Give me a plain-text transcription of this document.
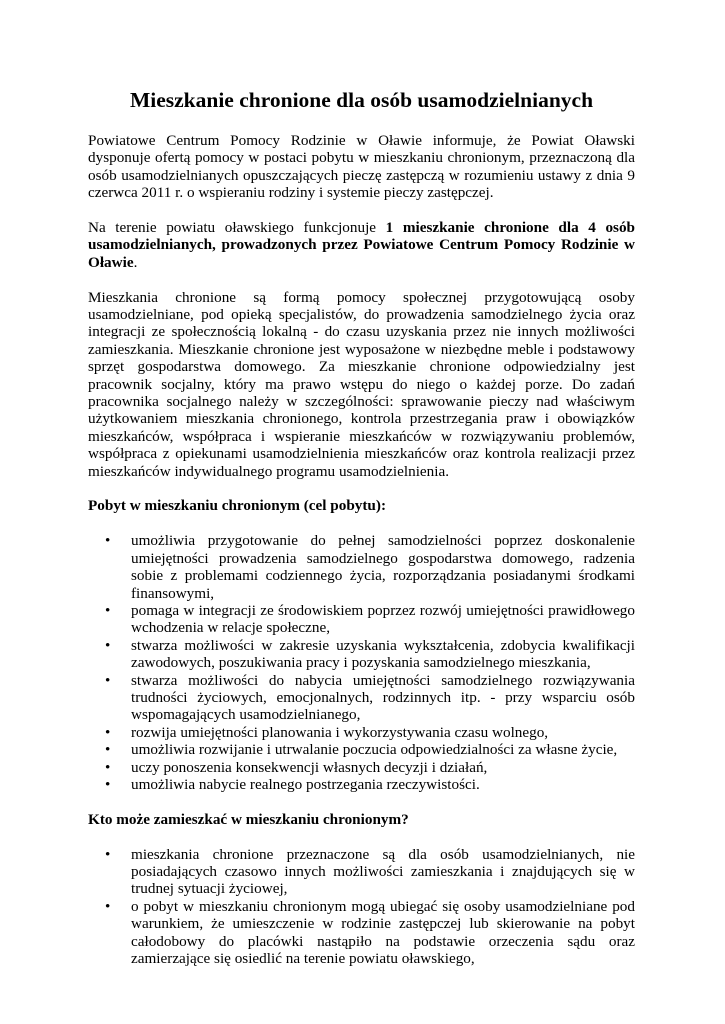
Mieszkanie chronione dla osób usamodzielnianych

Powiatowe Centrum Pomocy Rodzinie w Oławie informuje, że Powiat Oławski dysponuje ofertą pomocy w postaci pobytu w mieszkaniu chronionym, przeznaczoną dla osób usamodzielnianych opuszczających pieczę zastępczą w rozumieniu ustawy z dnia 9 czerwca 2011 r. o wspieraniu rodziny i systemie pieczy zastępczej.

Na terenie powiatu oławskiego funkcjonuje 1 mieszkanie chronione dla 4 osób usamodzielnianych, prowadzonych przez Powiatowe Centrum Pomocy Rodzinie w Oławie.

Mieszkania chronione są formą pomocy społecznej przygotowującą osoby usamodzielniane, pod opieką specjalistów, do prowadzenia samodzielnego życia oraz integracji ze społecznością lokalną - do czasu uzyskania przez nie innych możliwości zamieszkania. Mieszkanie chronione jest wyposażone w niezbędne meble i podstawowy sprzęt gospodarstwa domowego. Za mieszkanie chronione odpowiedzialny jest pracownik socjalny, który ma prawo wstępu do niego o każdej porze. Do zadań pracownika socjalnego należy w szczególności: sprawowanie pieczy nad właściwym użytkowaniem mieszkania chronionego, kontrola przestrzegania praw i obowiązków mieszkańców, współpraca i wspieranie mieszkańców w rozwiązywaniu problemów, współpraca z opiekunami usamodzielnienia mieszkańców oraz kontrola realizacji przez mieszkańców indywidualnego programu usamodzielnienia.

Pobyt w mieszkaniu chronionym (cel pobytu):

•	umożliwia przygotowanie do pełnej samodzielności poprzez doskonalenie umiejętności prowadzenia samodzielnego gospodarstwa domowego, radzenia sobie z problemami codziennego życia, rozporządzania posiadanymi środkami finansowymi,
•	pomaga w integracji ze środowiskiem poprzez rozwój umiejętności prawidłowego wchodzenia w relacje społeczne,
•	stwarza możliwości w zakresie uzyskania wykształcenia, zdobycia kwalifikacji zawodowych, poszukiwania pracy i pozyskania samodzielnego mieszkania,
•	stwarza możliwości do nabycia umiejętności samodzielnego rozwiązywania trudności życiowych, emocjonalnych, rodzinnych itp. - przy wsparciu osób wspomagających usamodzielnianego,
•	rozwija umiejętności planowania i wykorzystywania czasu wolnego,
•	umożliwia rozwijanie i utrwalanie poczucia odpowiedzialności za własne życie,
•	uczy ponoszenia konsekwencji własnych decyzji i działań,
•	umożliwia nabycie realnego postrzegania rzeczywistości.

Kto może zamieszkać w mieszkaniu chronionym?

•	mieszkania chronione przeznaczone są dla osób usamodzielnianych, nie posiadających czasowo innych możliwości zamieszkania i znajdujących się w trudnej sytuacji życiowej,
•	o pobyt w mieszkaniu chronionym mogą ubiegać się osoby usamodzielniane pod warunkiem, że umieszczenie w rodzinie zastępczej lub skierowanie na pobyt całodobowy do placówki nastąpiło na podstawie orzeczenia sądu oraz zamierzające się osiedlić na terenie powiatu oławskiego,
